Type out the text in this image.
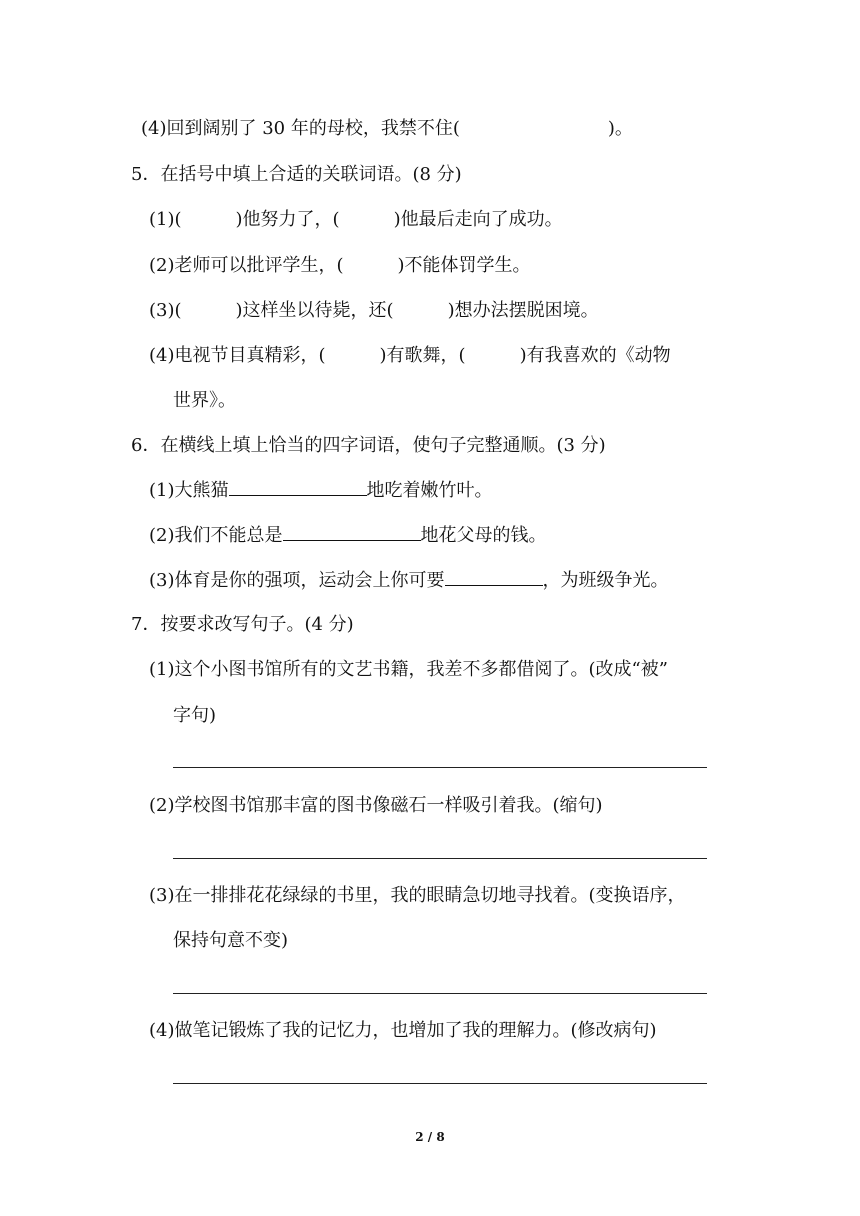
(4)回到阔别了 30 年的母校，我禁不住(	)。
5．在括号中填上合适的关联词语。(8 分)
(1)(	)他努力了，(	)他最后走向了成功。
(2)老师可以批评学生，(	)不能体罚学生。
(3)(	)这样坐以待毙，还(	)想办法摆脱困境。
(4)电视节目真精彩，(	)有歌舞，(	)有我喜欢的《动物
世界》。
6．在横线上填上恰当的四字词语，使句子完整通顺。(3 分)
(1)大熊猫	地吃着嫩竹叶。
(2)我们不能总是	地花父母的钱。
(3)体育是你的强项，运动会上你可要	，为班级争光。
7．按要求改写句子。(4 分)
(1)这个小图书馆所有的文艺书籍，我差不多都借阅了。(改成“被”
字句)
(2)学校图书馆那丰富的图书像磁石一样吸引着我。(缩句)
(3)在一排排花花绿绿的书里，我的眼睛急切地寻找着。(变换语序，
保持句意不变)
(4)做笔记锻炼了我的记忆力，也增加了我的理解力。(修改病句)
2 / 8
